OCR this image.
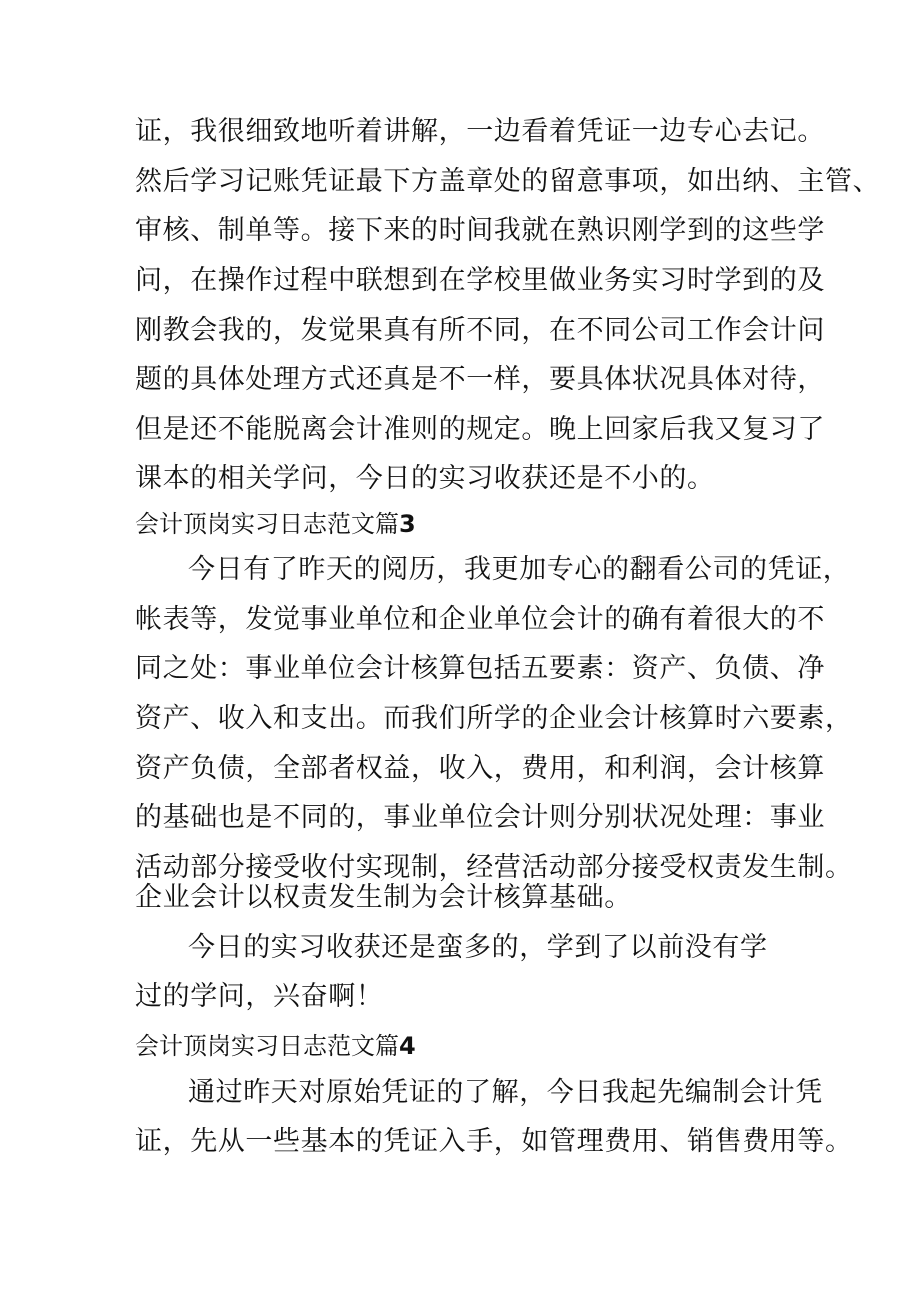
证，我很细致地听着讲解，一边看着凭证一边专心去记。
然后学习记账凭证最下方盖章处的留意事项，如出纳、主管、
审核、制单等。接下来的时间我就在熟识刚学到的这些学
问，在操作过程中联想到在学校里做业务实习时学到的及
刚教会我的，发觉果真有所不同，在不同公司工作会计问
题的具体处理方式还真是不一样，要具体状况具体对待，
但是还不能脱离会计准则的规定。晚上回家后我又复习了
课本的相关学问，今日的实习收获还是不小的。
会计顶岗实习日志范文篇3
今日有了昨天的阅历，我更加专心的翻看公司的凭证，
帐表等，发觉事业单位和企业单位会计的确有着很大的不
同之处：事业单位会计核算包括五要素：资产、负债、净
资产、收入和支出。而我们所学的企业会计核算时六要素，
资产负债，全部者权益，收入，费用，和利润，会计核算
的基础也是不同的，事业单位会计则分别状况处理：事业
活动部分接受收付实现制，经营活动部分接受权责发生制。
企业会计以权责发生制为会计核算基础。
今日的实习收获还是蛮多的，学到了以前没有学
过的学问，兴奋啊！
会计顶岗实习日志范文篇4
通过昨天对原始凭证的了解，今日我起先编制会计凭
证，先从一些基本的凭证入手，如管理费用、销售费用等。
